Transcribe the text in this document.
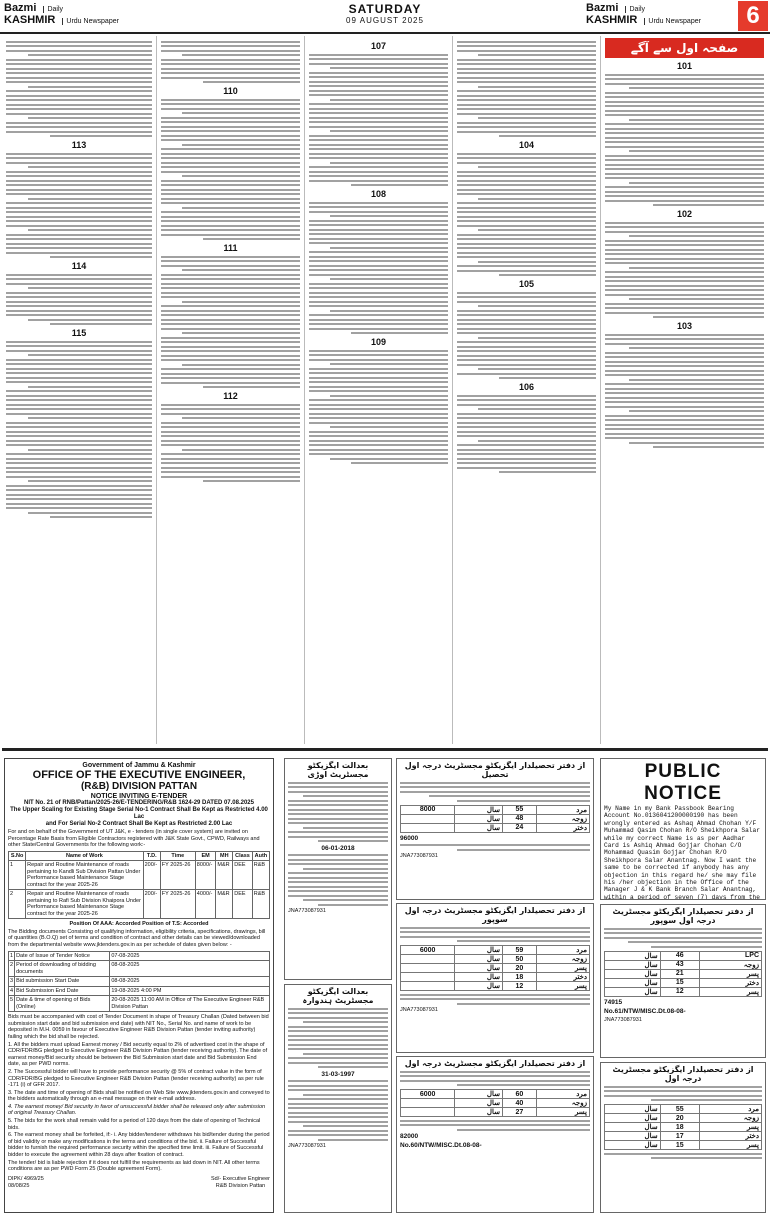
Bazmi Daily
KASHMIR Urdu Newspaper
SATURDAY
09 AUGUST 2025
Bazmi Daily
KASHMIR Urdu Newspaper	6
صفحہ اول سے آگے
101
102
103
104
105
106
107
108
109
110
111
112
113
114
115
Government of Jammu & Kashmir
OFFICE OF THE EXECUTIVE ENGINEER,
(R&B) DIVISION PATTAN
NOTICE INVITING E-TENDER
NIT No. 21 of RNB/Pattan/2025-26/E-TENDERING/R&B 1624-29 DATED 07.08.2025
The Upper Scaling for Existing Stage Serial No-1 Contract Shall Be Kept as Restricted 4.00 Lac
and For Serial No-2 Contract Shall Be Kept as Restricted 2.00 Lac
For and on behalf of the Government of UT J&K, e - tenders (in single cover system) are invited on Percentage Rate Basis from Eligible Contractors registered with J&K State Govt., CPWD, Railways and other State/Central Governments for the following work:-
S.No	Name of Work	T.D.	Time	EM	MH	Class	Auth
1	Repair and Routine Maintenance of roads pertaining to Kandli Sub Division Pattan Under Performance based Maintenance Stage contract for the year 2025-26	200/-	FY 2025-26	8000/-	M&R	DEE	R&B
2	Repair and Routine Maintenance of roads pertaining to Rafi Sub Division Khaipora Under Performance based Maintenance Stage contract for the year 2025-26	200/-	FY 2025-26	4000/-	M&R	DEE	R&B
Position Of AAA: Accorded Position of T.S: Accorded
The Bidding documents Consisting of qualifying information, eligibility criteria, specifications, drawings, bill of quantities (B.O.Q) set of terms and condition of contract and other details can be viewed/downloaded from the departmental website www.jktenders.gov.in as per schedule of dates given below: -
1	Date of Issue of Tender Notice	07-08-2025
2	Period of downloading of bidding documents	08-08-2025
3	Bid submission Start Date	08-08-2025
4	Bid Submission End Date	19-08-2025 4:00 PM
5	Date & time of opening of Bids (Online)	20-08-2025 11:00 AM in Office of The Executive Engineer R&B Division Pattan
Bids must be accompanied with cost of Tender Document in shape of Treasury Challan (Dated between bid submission start date and bid submission end date) with NIT No., Serial No. and name of work to be deposited in M.H. 0059 in favour of Executive Engineer R&B Division Pattan (tender inviting authority) failing which the bid shall be rejected.
1. All the bidders must upload Earnest money / Bid security equal to 2% of advertised cost in the shape of CDR/FDR/BG pledged to Executive Engineer R&B Division Pattan (tender receiving authority). The date of earnest money/Bid security should be between the Bid Submission start date and Bid Submission End date, as per PWD norms.
2. The Successful bidder will have to provide performance security @ 5% of contract value in the form of CDR/FDR/BG pledged to Executive Engineer R&B Division Pattan (tender receiving authority) as per rule -171 (i) of GFR 2017.
3. The date and time of opening of Bids shall be notified on Web Site www.jktenders.gov.in and conveyed to the bidders automatically through an e-mail message on their e-mail address.
4. The earnest money/ Bid security in favor of unsuccessful bidder shall be released only after submission of original Treasury Challan.
5. The bids for the work shall remain valid for a period of 120 days from the date of opening of Technical bids.
6. The earnest money shall be forfeited, if:- i. Any bidder/tenderer withdraws his bid/tender during the period of bid validity or make any modifications in the terms and conditions of the bid. ii. Failure of Successful bidder to furnish the required performance security within the specified time limit. iii. Failure of Successful bidder to execute the agreement within 28 days after fixation of contract.
The tender/ bid is liable rejection if it does not fulfill the requirements as laid down in NIT. All other terms conditions are as per PWD Form 25 (Double agreement Form).
DIPK/ 4969/25
08/08/25
Sd/- Executive Engineer
R&B Division Pattan
بعدالت ایگزیکٹو مجسٹریٹ اوڑی
06-01-2018
JNA773087931
بعدالت ایگزیکٹو مجسٹریٹ ہندوارہ
31-03-1997
JNA773087931
از دفتر تحصیلدار ایگزیکٹو مجسٹریٹ درجہ اول تحصیل
مرد	55	سال	8000
زوجہ	48	سال	
دختر	24	سال	
96000
JNA773087931
از دفتر تحصیلدار ایگزیکٹو مجسٹریٹ درجہ اول سوپور
مرد	59	سال	6000
زوجہ	50	سال	
پسر	20	سال	
دختر	18	سال	
پسر	12	سال	
JNA773087931
از دفتر تحصیلدار ایگزیکٹو مجسٹریٹ درجہ اول
مرد	60	سال	6000
زوجہ	40	سال	
پسر	27	سال	
82000
No.60/NTW/MISC.Dt.08-08-
PUBLIC NOTICE
My Name in my Bank Passbook Bearing Account No.0136041200000190 has been wrongly entered as Ashaq Ahmad Chohan Y/F Muhammad Qasim Chohan R/O Sheikhpora Salar while my correct Name is as per Aadhar Card is Ashiq Ahmad Gojjar Chohan C/O Mohammad Quasim Gojjar Chohan R/O Sheikhpora Salar Anantnag. Now I want the same to be corrected if anybody has any objection in this regard he/ she may file his /her objection in the Office of the Manager J & K Bank Branch Salar Anantnag, within a period of seven (7) days from the
از دفتر تحصیلدار ایگزیکٹو مجسٹریٹ درجہ اول سوپور
LPC	46	سال
زوجہ	43	سال
پسر	21	سال
دختر	15	سال
پسر	12	سال
74915
No.61/NTW/MISC.Dt.08-08-
JNA773087931
از دفتر تحصیلدار ایگزیکٹو مجسٹریٹ درجہ اول
مرد	55	سال
زوجہ	20	سال
پسر	18	سال
دختر	17	سال
پسر	15	سال
